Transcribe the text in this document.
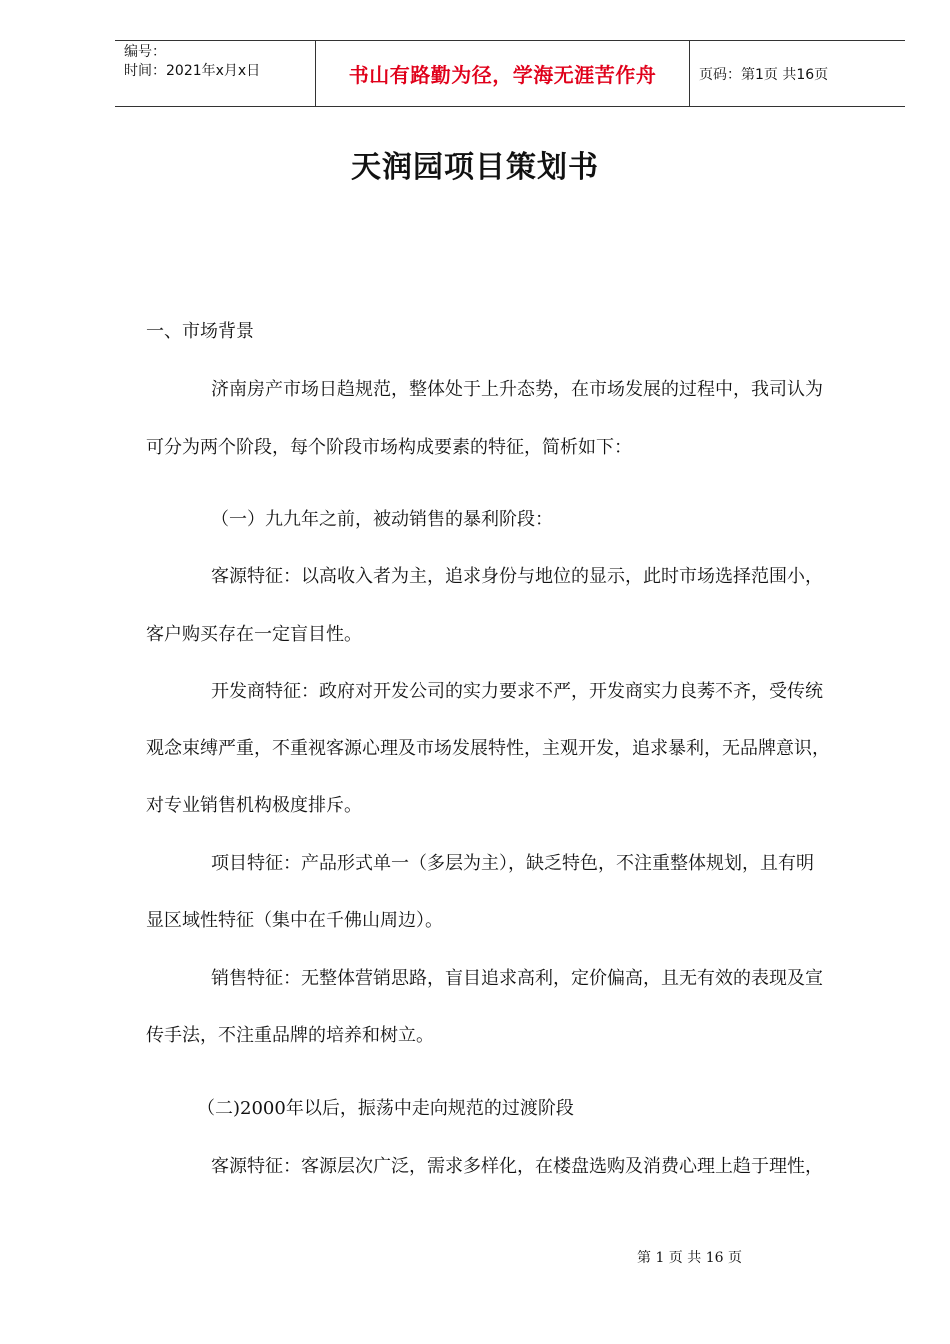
编号：
时间：2021年x月x日	书山有路勤为径，学海无涯苦作舟	页码：第1页 共16页
天润园项目策划书
一、市场背景
济南房产市场日趋规范，整体处于上升态势，在市场发展的过程中，我司认为
可分为两个阶段，每个阶段市场构成要素的特征，简析如下：
（一）九九年之前，被动销售的暴利阶段：
客源特征：以高收入者为主，追求身份与地位的显示，此时市场选择范围小，
客户购买存在一定盲目性。
开发商特征：政府对开发公司的实力要求不严，开发商实力良莠不齐，受传统
观念束缚严重，不重视客源心理及市场发展特性，主观开发，追求暴利，无品牌意识，
对专业销售机构极度排斥。
项目特征：产品形式单一（多层为主），缺乏特色，不注重整体规划，且有明
显区域性特征（集中在千佛山周边）。
销售特征：无整体营销思路，盲目追求高利，定价偏高，且无有效的表现及宣
传手法，不注重品牌的培养和树立。
（二)2000年以后，振荡中走向规范的过渡阶段
客源特征：客源层次广泛，需求多样化，在楼盘选购及消费心理上趋于理性，
第 1 页 共 16 页
